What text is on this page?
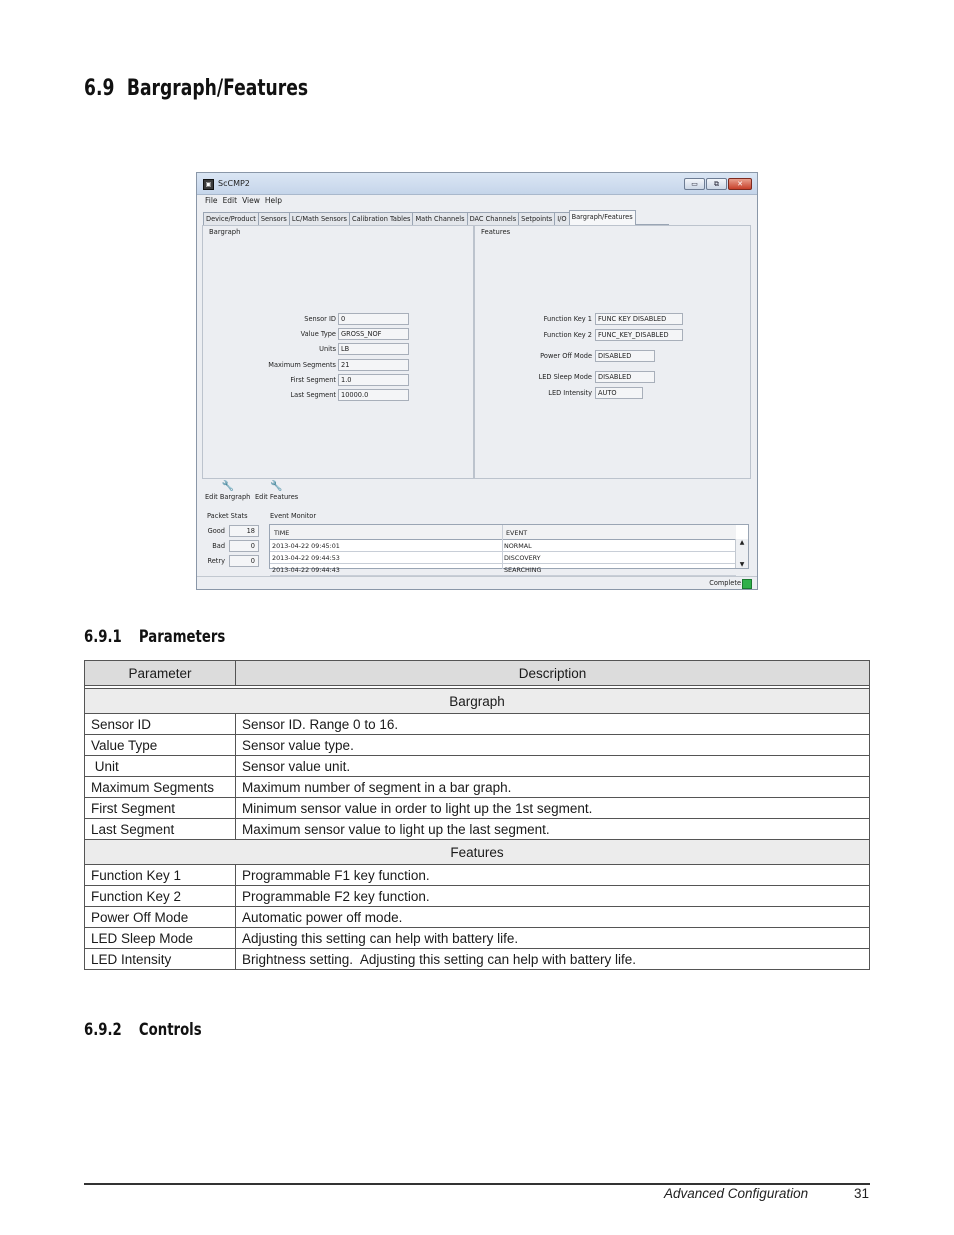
6.9 Bargraph/Features
▣ ScCMP2	▭	⧉	✕
File Edit View Help
Device/Product Sensors LC/Math Sensors Calibration Tables Math Channels DAC Channels Setpoints I/O Bargraph/Features
Bargraph
Sensor ID 0
Value Type GROSS_NOF
Units LB
Maximum Segments 21
First Segment 1.0
Last Segment 10000.0
Features
Function Key 1 FUNC KEY DISABLED
Function Key 2 FUNC_KEY_DISABLED
Power Off Mode DISABLED
LED Sleep Mode DISABLED
LED Intensity AUTO
🔧
Edit Bargraph
🔧
Edit Features
Packet Stats
Good	18
Bad	0
Retry	0
Event Monitor
TIME	EVENT
2013-04-22 09:45:01	NORMAL
2013-04-22 09:44:53	DISCOVERY
2013-04-22 09:44:43	SEARCHING
▲
▼
Complete
6.9.1 Parameters
Parameter	Description

Bargraph	
Sensor ID	Sensor ID. Range 0 to 16.
Value Type	Sensor value type.
Unit	Sensor value unit.
Maximum Segments	Maximum number of segment in a bar graph.
First Segment	Minimum sensor value in order to light up the 1st segment.
Last Segment	Maximum sensor value to light up the last segment.
Features	
Function Key 1	Programmable F1 key function.
Function Key 2	Programmable F2 key function.
Power Off Mode	Automatic power off mode.
LED Sleep Mode	Adjusting this setting can help with battery life.
LED Intensity	Brightness setting.  Adjusting this setting can help with battery life.
6.9.2 Controls
Advanced Configuration	31
